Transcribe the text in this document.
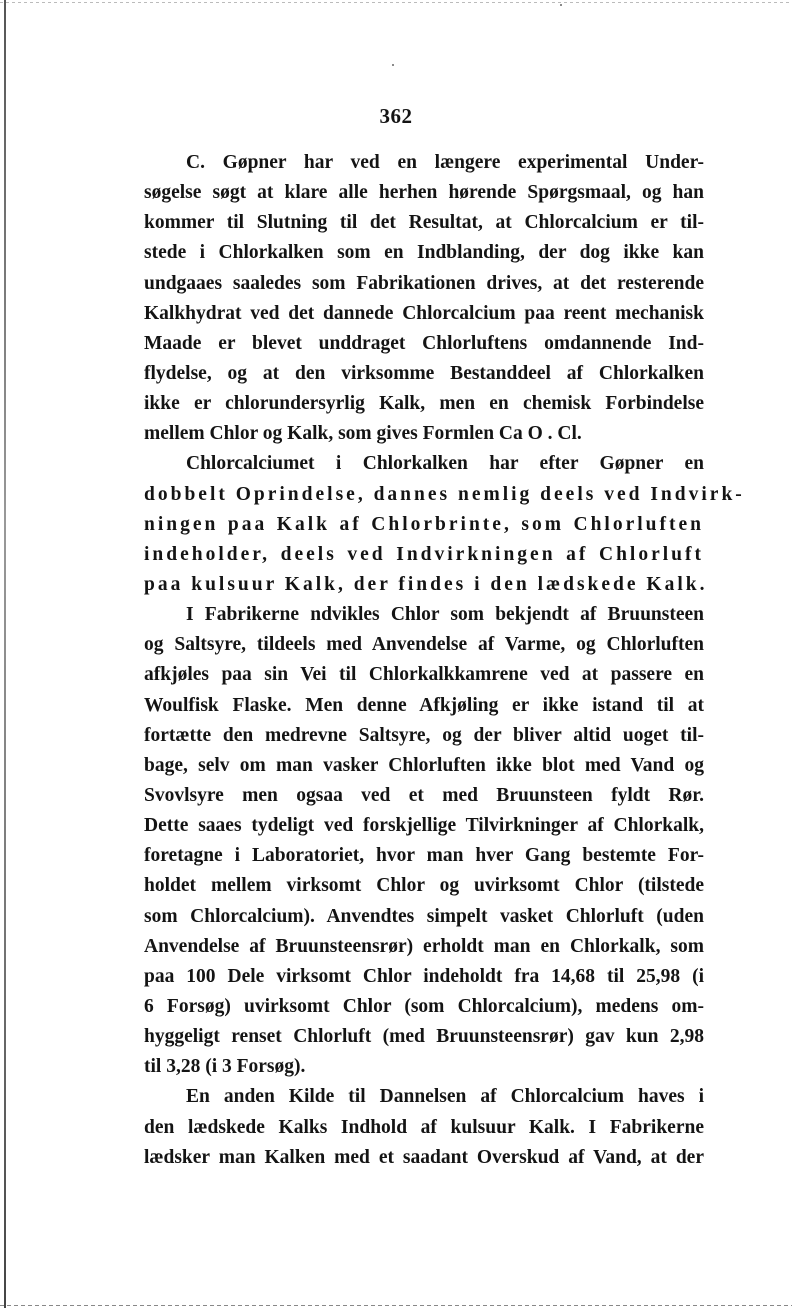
362
C. Gøpner har ved en længere experimental Under-
søgelse søgt at klare alle herhen hørende Spørgsmaal, og han
kommer til Slutning til det Resultat, at Chlorcalcium er til-
stede i Chlorkalken som en Indblanding, der dog ikke kan
undgaaes saaledes som Fabrikationen drives, at det resterende
Kalkhydrat ved det dannede Chlorcalcium paa reent mechanisk
Maade er blevet unddraget Chlorluftens omdannende Ind-
flydelse, og at den virksomme Bestanddeel af Chlorkalken
ikke er chlorundersyrlig Kalk, men en chemisk Forbindelse
mellem Chlor og Kalk, som gives Formlen Ca O . Cl.
Chlorcalciumet i Chlorkalken har efter Gøpner en
dobbelt Oprindelse, dannes nemlig deels ved Indvirk-
ningen paa Kalk af Chlorbrinte, som Chlorluften
indeholder, deels ved Indvirkningen af Chlorluft
paa kulsuur Kalk, der findes i den lædskede Kalk.
I Fabrikerne ndvikles Chlor som bekjendt af Bruunsteen
og Saltsyre, tildeels med Anvendelse af Varme, og Chlorluften
afkjøles paa sin Vei til Chlorkalkkamrene ved at passere en
Woulfisk Flaske. Men denne Afkjøling er ikke istand til at
fortætte den medrevne Saltsyre, og der bliver altid uoget til-
bage, selv om man vasker Chlorluften ikke blot med Vand og
Svovlsyre men ogsaa ved et med Bruunsteen fyldt Rør.
Dette saaes tydeligt ved forskjellige Tilvirkninger af Chlorkalk,
foretagne i Laboratoriet, hvor man hver Gang bestemte For-
holdet mellem virksomt Chlor og uvirksomt Chlor (tilstede
som Chlorcalcium). Anvendtes simpelt vasket Chlorluft (uden
Anvendelse af Bruunsteensrør) erholdt man en Chlorkalk, som
paa 100 Dele virksomt Chlor indeholdt fra 14,68 til 25,98 (i
6 Forsøg) uvirksomt Chlor (som Chlorcalcium), medens om-
hyggeligt renset Chlorluft (med Bruunsteensrør) gav kun 2,98
til 3,28 (i 3 Forsøg).
En anden Kilde til Dannelsen af Chlorcalcium haves i
den lædskede Kalks Indhold af kulsuur Kalk. I Fabrikerne
lædsker man Kalken med et saadant Overskud af Vand, at der
